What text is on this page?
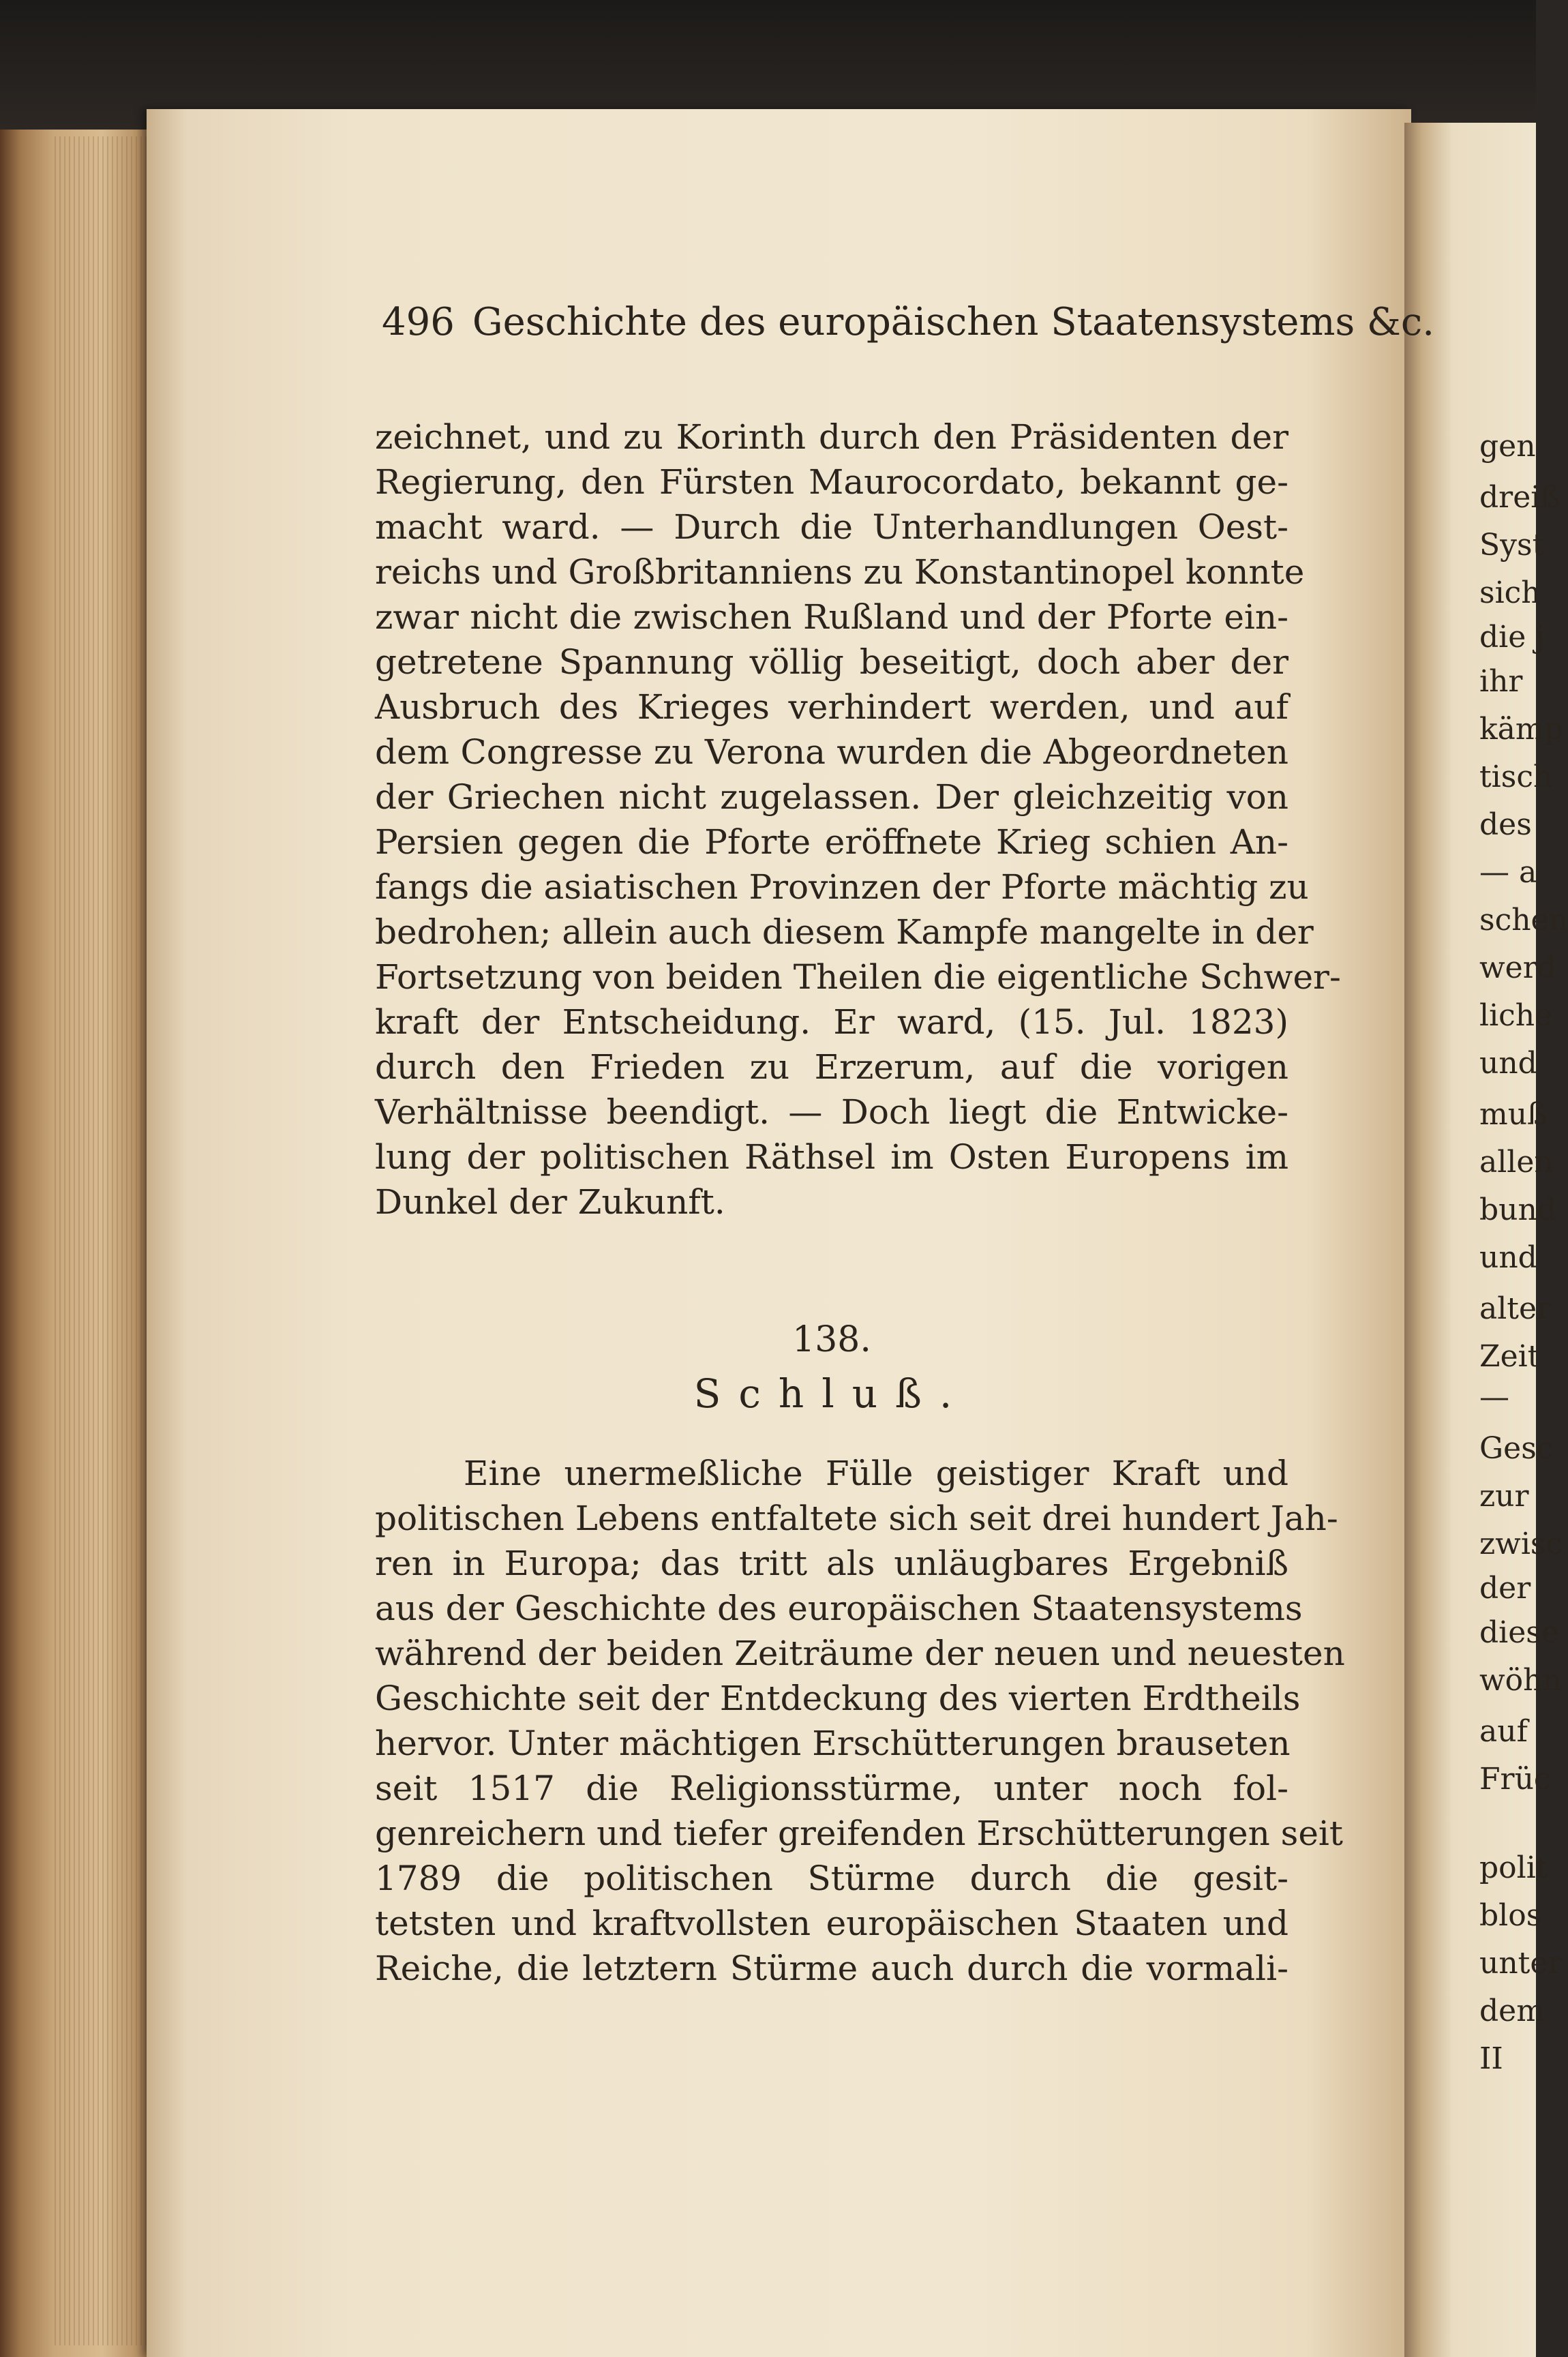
496 Geschichte des europäischen Staatensystems &c.
zeichnet, und zu Korinth durch den Präsidenten der
Regierung, den Fürsten Maurocordato, bekannt ge-
macht ward. — Durch die Unterhandlungen Oest-
reichs und Großbritanniens zu Konstantinopel konnte
zwar nicht die zwischen Rußland und der Pforte ein-
getretene Spannung völlig beseitigt, doch aber der
Ausbruch des Krieges verhindert werden, und auf
dem Congresse zu Verona wurden die Abgeordneten
der Griechen nicht zugelassen. Der gleichzeitig von
Persien gegen die Pforte eröffnete Krieg schien An-
fangs die asiatischen Provinzen der Pforte mächtig zu
bedrohen; allein auch diesem Kampfe mangelte in der
Fortsetzung von beiden Theilen die eigentliche Schwer-
kraft der Entscheidung. Er ward, (15. Jul. 1823)
durch den Frieden zu Erzerum, auf die vorigen
Verhältnisse beendigt. — Doch liegt die Entwicke-
lung der politischen Räthsel im Osten Europens im
Dunkel der Zukunft.
138.
Schluß.
Eine unermeßliche Fülle geistiger Kraft und
politischen Lebens entfaltete sich seit drei hundert Jah-
ren in Europa; das tritt als unläugbares Ergebniß
aus der Geschichte des europäischen Staatensystems
während der beiden Zeiträume der neuen und neuesten
Geschichte seit der Entdeckung des vierten Erdtheils
hervor. Unter mächtigen Erschütterungen brauseten
seit 1517 die Religionsstürme, unter noch fol-
genreichern und tiefer greifenden Erschütterungen seit
1789 die politischen Stürme durch die gesit-
tetsten und kraftvollsten europäischen Staaten und
Reiche, die letztern Stürme auch durch die vormali-
gen
dreiß
Syst
sich
die j
ihr
kämp
tisch
des
— a
schen
werd
liche
und
muß
allen
bund
und
alter
Zeit
—
Gesc
zur
zwisc
der
diese
wöhn
auf
Früc
polit
blos
unter
dem
II
